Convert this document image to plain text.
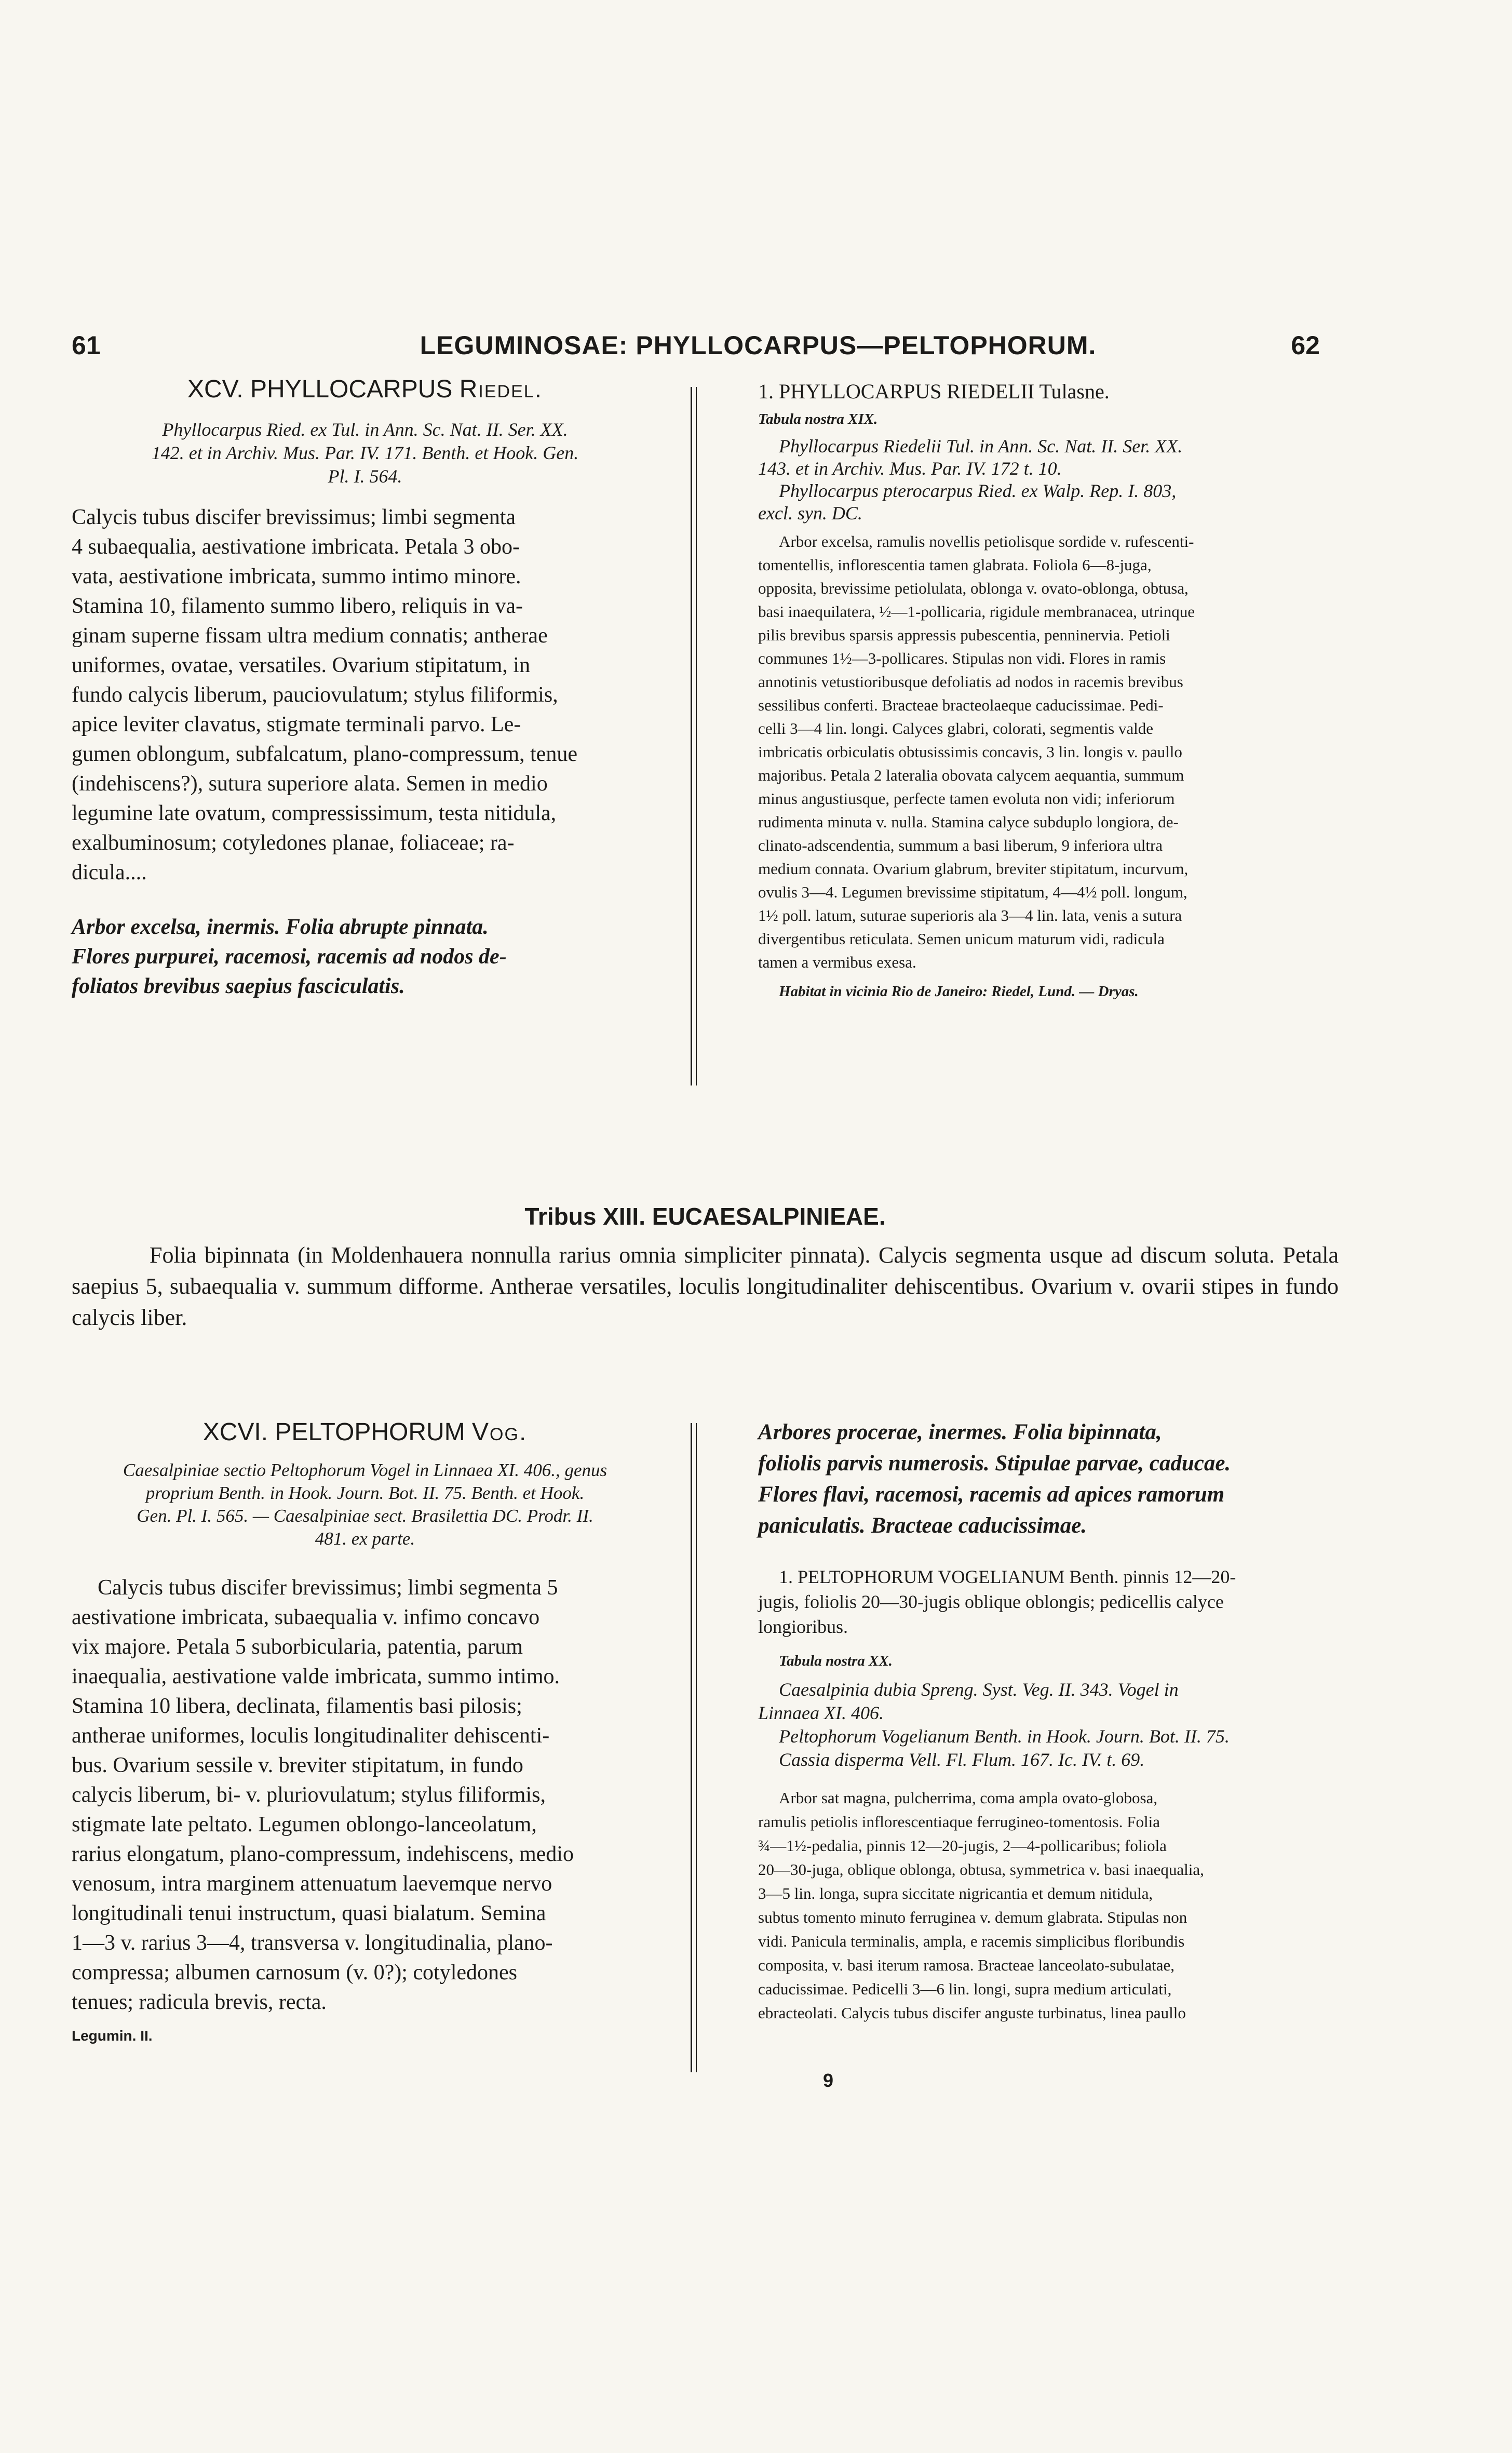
61	LEGUMINOSAE: PHYLLOCARPUS—PELTOPHORUM.	62
XCV. PHYLLOCARPUS Riedel.
Phyllocarpus Ried. ex Tul. in Ann. Sc. Nat. II. Ser. XX.
142. et in Archiv. Mus. Par. IV. 171. Benth. et Hook. Gen.
Pl. I. 564.
Calycis tubus discifer brevissimus; limbi segmenta
4 subaequalia, aestivatione imbricata. Petala 3 obo-
vata, aestivatione imbricata, summo intimo minore.
Stamina 10, filamento summo libero, reliquis in va-
ginam superne fissam ultra medium connatis; antherae
uniformes, ovatae, versatiles. Ovarium stipitatum, in
fundo calycis liberum, pauciovulatum; stylus filiformis,
apice leviter clavatus, stigmate terminali parvo. Le-
gumen oblongum, subfalcatum, plano-compressum, tenue
(indehiscens?), sutura superiore alata. Semen in medio
legumine late ovatum, compressissimum, testa nitidula,
exalbuminosum; cotyledones planae, foliaceae; ra-
dicula....
Arbor excelsa, inermis. Folia abrupte pinnata.
Flores purpurei, racemosi, racemis ad nodos de-
foliatos brevibus saepius fasciculatis.
1. PHYLLOCARPUS RIEDELII Tulasne.
Tabula nostra XIX.
Phyllocarpus Riedelii Tul. in Ann. Sc. Nat. II. Ser. XX.
143. et in Archiv. Mus. Par. IV. 172 t. 10.
Phyllocarpus pterocarpus Ried. ex Walp. Rep. I. 803,
excl. syn. DC.
Arbor excelsa, ramulis novellis petiolisque sordide v. rufescenti-
tomentellis, inflorescentia tamen glabrata. Foliola 6—8-juga,
opposita, brevissime petiolulata, oblonga v. ovato-oblonga, obtusa,
basi inaequilatera, ½—1-pollicaria, rigidule membranacea, utrinque
pilis brevibus sparsis appressis pubescentia, penninervia. Petioli
communes 1½—3-pollicares. Stipulas non vidi. Flores in ramis
annotinis vetustioribusque defoliatis ad nodos in racemis brevibus
sessilibus conferti. Bracteae bracteolaeque caducissimae. Pedi-
celli 3—4 lin. longi. Calyces glabri, colorati, segmentis valde
imbricatis orbiculatis obtusissimis concavis, 3 lin. longis v. paullo
majoribus. Petala 2 lateralia obovata calycem aequantia, summum
minus angustiusque, perfecte tamen evoluta non vidi; inferiorum
rudimenta minuta v. nulla. Stamina calyce subduplo longiora, de-
clinato-adscendentia, summum a basi liberum, 9 inferiora ultra
medium connata. Ovarium glabrum, breviter stipitatum, incurvum,
ovulis 3—4. Legumen brevissime stipitatum, 4—4½ poll. longum,
1½ poll. latum, suturae superioris ala 3—4 lin. lata, venis a sutura
divergentibus reticulata. Semen unicum maturum vidi, radicula
tamen a vermibus exesa.
Habitat in vicinia Rio de Janeiro: Riedel, Lund. — Dryas.
Tribus XIII. EUCAESALPINIEAE.
Folia bipinnata (in Moldenhauera nonnulla rarius omnia simpliciter pinnata). Calycis segmenta usque ad discum soluta. Petala saepius 5, subaequalia v. summum difforme. Antherae versatiles, loculis longitudinaliter dehiscentibus. Ovarium v. ovarii stipes in fundo calycis liber.
XCVI. PELTOPHORUM Vog.
Caesalpiniae sectio Peltophorum Vogel in Linnaea XI. 406., genus
proprium Benth. in Hook. Journ. Bot. II. 75. Benth. et Hook.
Gen. Pl. I. 565. — Caesalpiniae sect. Brasilettia DC. Prodr. II.
481. ex parte.
Calycis tubus discifer brevissimus; limbi segmenta 5
aestivatione imbricata, subaequalia v. infimo concavo
vix majore. Petala 5 suborbicularia, patentia, parum
inaequalia, aestivatione valde imbricata, summo intimo.
Stamina 10 libera, declinata, filamentis basi pilosis;
antherae uniformes, loculis longitudinaliter dehiscenti-
bus. Ovarium sessile v. breviter stipitatum, in fundo
calycis liberum, bi- v. pluriovulatum; stylus filiformis,
stigmate late peltato. Legumen oblongo-lanceolatum,
rarius elongatum, plano-compressum, indehiscens, medio
venosum, intra marginem attenuatum laevemque nervo
longitudinali tenui instructum, quasi bialatum. Semina
1—3 v. rarius 3—4, transversa v. longitudinalia, plano-
compressa; albumen carnosum (v. 0?); cotyledones
tenues; radicula brevis, recta.
Legumin. II.
Arbores procerae, inermes. Folia bipinnata,
foliolis parvis numerosis. Stipulae parvae, caducae.
Flores flavi, racemosi, racemis ad apices ramorum
paniculatis. Bracteae caducissimae.
1. PELTOPHORUM VOGELIANUM Benth. pinnis 12—20-
jugis, foliolis 20—30-jugis oblique oblongis; pedicellis calyce
longioribus.
Tabula nostra XX.
Caesalpinia dubia Spreng. Syst. Veg. II. 343. Vogel in
Linnaea XI. 406.
Peltophorum Vogelianum Benth. in Hook. Journ. Bot. II. 75.
Cassia disperma Vell. Fl. Flum. 167. Ic. IV. t. 69.
Arbor sat magna, pulcherrima, coma ampla ovato-globosa,
ramulis petiolis inflorescentiaque ferrugineo-tomentosis. Folia
¾—1½-pedalia, pinnis 12—20-jugis, 2—4-pollicaribus; foliola
20—30-juga, oblique oblonga, obtusa, symmetrica v. basi inaequalia,
3—5 lin. longa, supra siccitate nigricantia et demum nitidula,
subtus tomento minuto ferruginea v. demum glabrata. Stipulas non
vidi. Panicula terminalis, ampla, e racemis simplicibus floribundis
composita, v. basi iterum ramosa. Bracteae lanceolato-subulatae,
caducissimae. Pedicelli 3—6 lin. longi, supra medium articulati,
ebracteolati. Calycis tubus discifer anguste turbinatus, linea paullo
9
